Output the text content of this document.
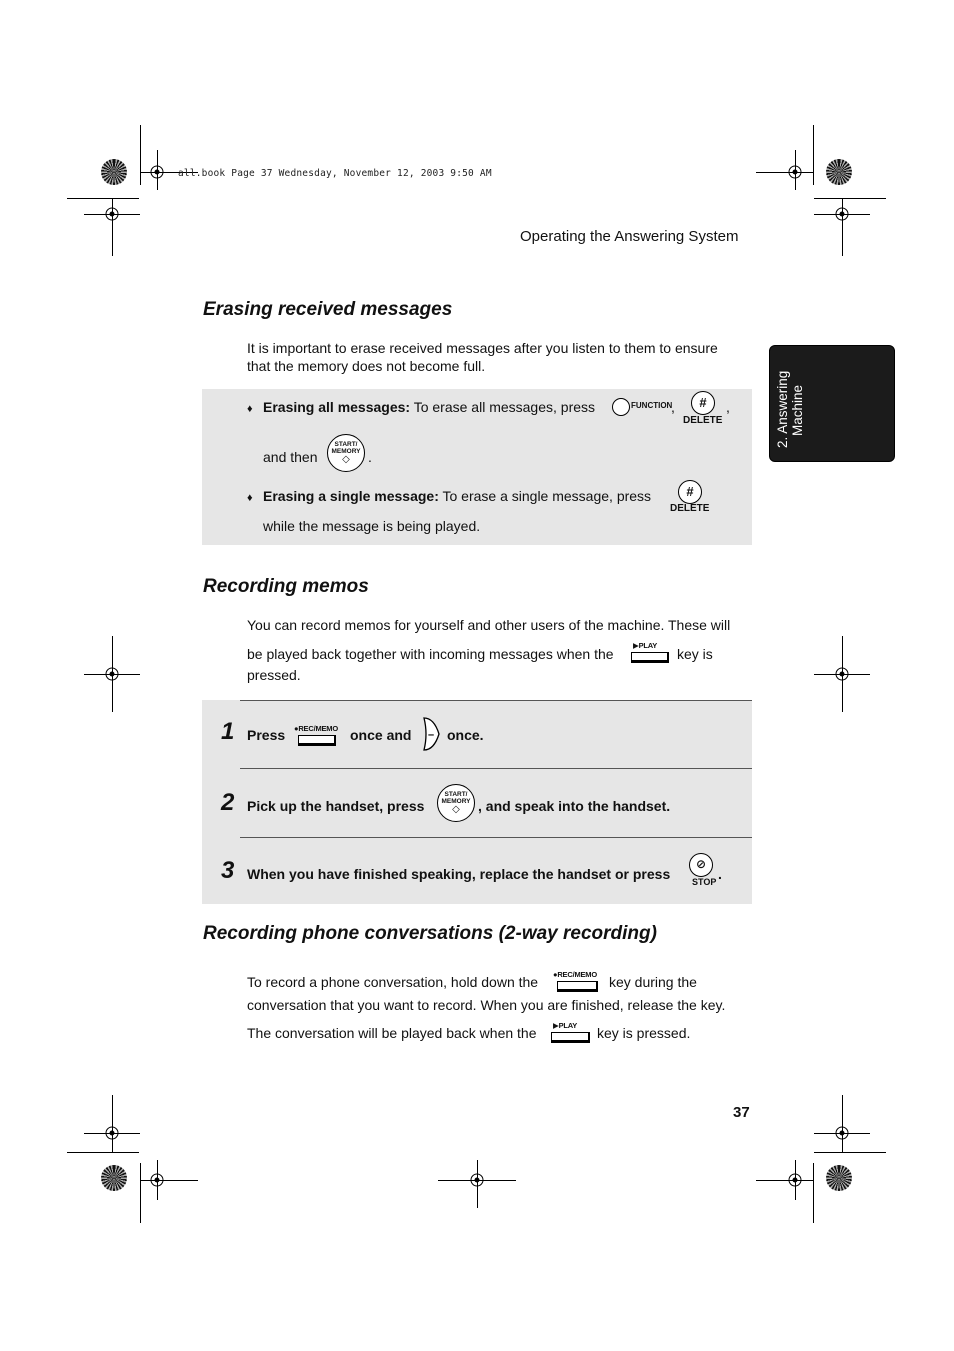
all.book Page 37 Wednesday, November 12, 2003 9:50 AM
Operating the Answering System
2. Answering Machine
Erasing received messages
It is important to erase received messages after you listen to them to ensure
that the memory does not become full.
♦ Erasing all messages: To erase all messages, press	FUNCTION
,	#
DELETE
,
and then
START/
MEMORY
◇	.
♦ Erasing a single message: To erase a single message, press	#
DELETE
while the message is being played.
Recording memos
You can record memos for yourself and other users of the machine. These will
be played back together with incoming messages when the
▶PLAY
key is
pressed.
1 Press ●REC/MEMO once and – once.
2 Pick up the handset, press
START/
MEMORY
◇	, and speak into the handset.
3 When you have finished speaking, replace the handset or press
⊘
STOP .
Recording phone conversations (2-way recording)
To record a phone conversation, hold down the ●REC/MEMO key during the
conversation that you want to record. When you are finished, release the key.
The conversation will be played back when the ▶PLAY key is pressed.
37
